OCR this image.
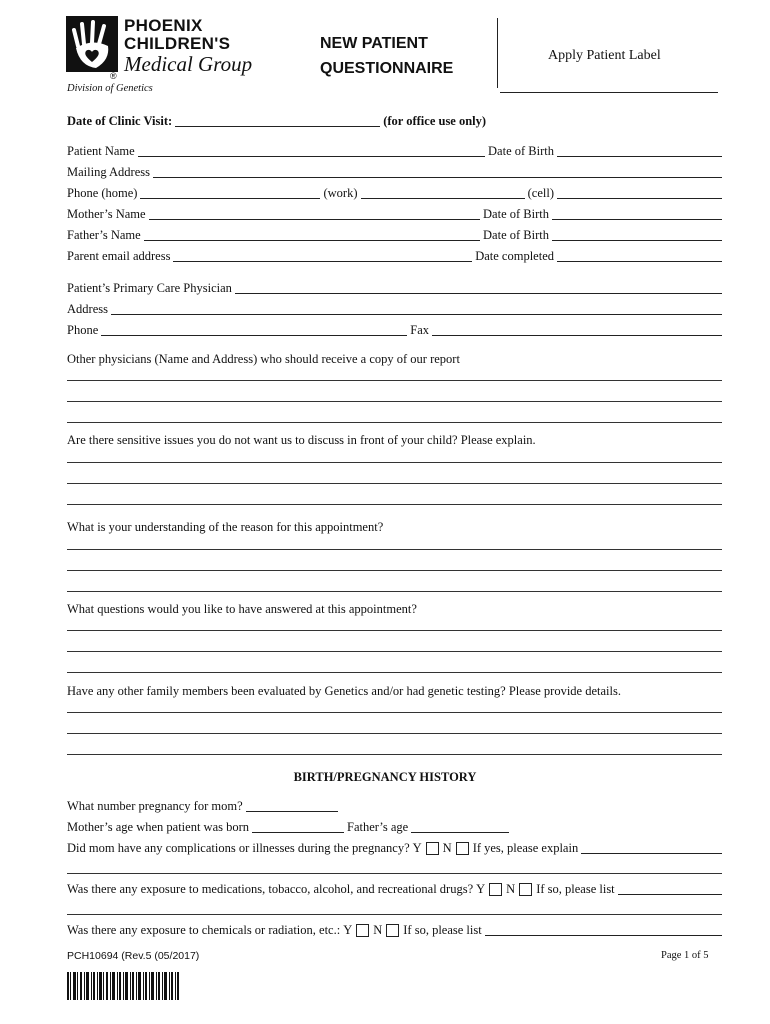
PHOENIX
CHILDREN'S
Medical Group
®
Division of Genetics
NEW PATIENT
QUESTIONNAIRE
Apply Patient Label
Date of Clinic Visit:	(for office use only)
Patient Name	Date of Birth
Mailing Address
Phone (home)	(work)	(cell)
Mother’s Name	Date of Birth
Father’s Name	Date of Birth
Parent email address	Date completed
Patient’s Primary Care Physician
Address
Phone	Fax
Other physicians (Name and Address) who should receive a copy of our report
Are there sensitive issues you do not want us to discuss in front of your child? Please explain.
What is your understanding of the reason for this appointment?
What questions would you like to have answered at this appointment?
Have any other family members been evaluated by Genetics and/or had genetic testing? Please provide details.
BIRTH/PREGNANCY HISTORY
What number pregnancy for mom?
Mother’s age when patient was born	Father’s age
Did mom have any complications or illnesses during the pregnancy? Y N If yes, please explain
Was there any exposure to medications, tobacco, alcohol, and recreational drugs? Y N If so, please list
Was there any exposure to chemicals or radiation, etc.: Y N If so, please list
PCH10694 (Rev.5 (05/2017)	Page 1 of 5
